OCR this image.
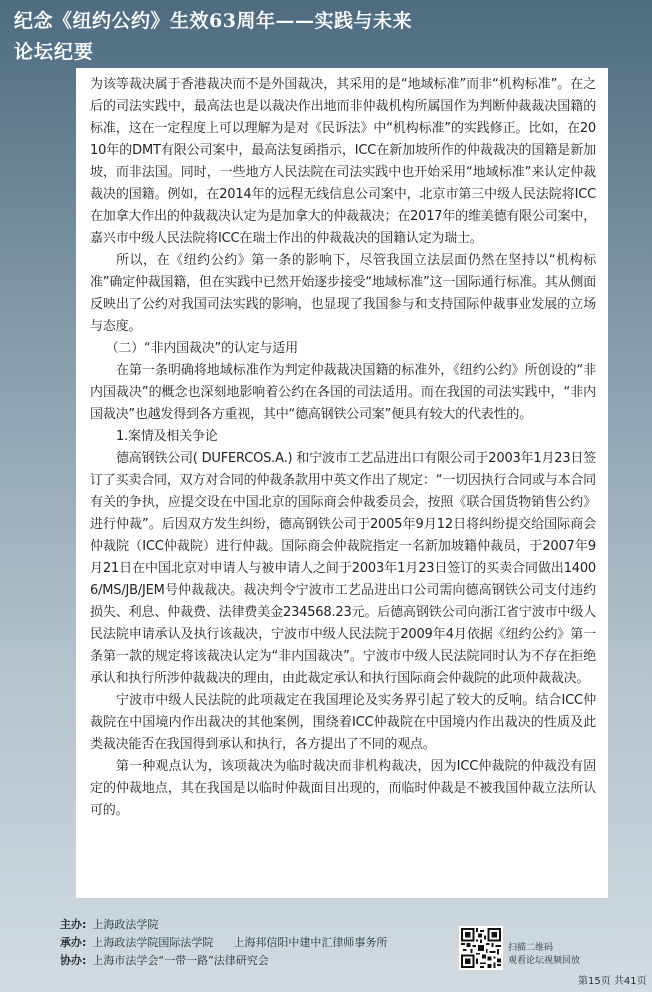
纪念《纽约公约》生效63周年——实践与未来
论坛纪要

为该等裁决属于香港裁决而不是外国裁决，其采用的是“地域标准”而非“机构标准”。在之后的司法实践中，最高法也是以裁决作出地而非仲裁机构所属国作为判断仲裁裁决国籍的标准，这在一定程度上可以理解为是对《民诉法》中“机构标准”的实践修正。比如，在2010年的DMT有限公司案中，最高法复函指示，ICC在新加坡所作的仲裁裁决的国籍是新加坡，而非法国。同时，一些地方人民法院在司法实践中也开始采用“地域标准”来认定仲裁裁决的国籍。例如，在2014年的远程无线信息公司案中，北京市第三中级人民法院将ICC在加拿大作出的仲裁裁决认定为是加拿大的仲裁裁决；在2017年的维美德有限公司案中，嘉兴市中级人民法院将ICC在瑞士作出的仲裁裁决的国籍认定为瑞士。

所以，在《纽约公约》第一条的影响下，尽管我国立法层面仍然在坚持以“机构标准”确定仲裁国籍，但在实践中已然开始逐步接受“地域标准”这一国际通行标准。其从侧面反映出了公约对我国司法实践的影响，也显现了我国参与和支持国际仲裁事业发展的立场与态度。

（二）“非内国裁决”的认定与适用

在第一条明确将地域标准作为判定仲裁裁决国籍的标准外，《纽约公约》所创设的“非内国裁决”的概念也深刻地影响着公约在各国的司法适用。而在我国的司法实践中，“非内国裁决”也越发得到各方重视，其中“德高钢铁公司案”便具有较大的代表性的。

1.案情及相关争论

德高钢铁公司( DUFERCOS.A.) 和宁波市工艺品进出口有限公司于2003年1月23日签订了买卖合同，双方对合同的仲裁条款用中英文作出了规定：“一切因执行合同或与本合同有关的争执，应提交设在中国北京的国际商会仲裁委员会，按照《联合国货物销售公约》进行仲裁”。后因双方发生纠纷，德高钢铁公司于2005年9月12日将纠纷提交给国际商会仲裁院（ICC仲裁院）进行仲裁。国际商会仲裁院指定一名新加坡籍仲裁员，于2007年9月21日在中国北京对申请人与被申请人之间于2003年1月23日签订的买卖合同做出14006/MS/JB/JEM号仲裁裁决。裁决判令宁波市工艺品进出口公司需向德高钢铁公司支付违约损失、利息、仲裁费、法律费美金234568.23元。后德高钢铁公司向浙江省宁波市中级人民法院申请承认及执行该裁决，宁波市中级人民法院于2009年4月依据《纽约公约》第一条第一款的规定将该裁决认定为“非内国裁决”。宁波市中级人民法院同时认为不存在拒绝承认和执行所涉仲裁裁决的理由，由此裁定承认和执行国际商会仲裁院的此项仲裁裁决。

宁波市中级人民法院的此项裁定在我国理论及实务界引起了较大的反响。结合ICC仲裁院在中国境内作出裁决的其他案例，围绕着ICC仲裁院在中国境内作出裁决的性质及此类裁决能否在我国得到承认和执行，各方提出了不同的观点。

第一种观点认为，该项裁决为临时裁决而非机构裁决，因为ICC仲裁院的仲裁没有固定的仲裁地点，其在我国是以临时仲裁面目出现的，而临时仲裁是不被我国仲裁立法所认可的。

主办: 上海政法学院
承办: 上海政法学院国际法学院 上海邦信阳中建中汇律师事务所
协办: 上海市法学会“一带一路”法律研究会
扫描二维码
观看论坛视频回放
第15页 共41页
